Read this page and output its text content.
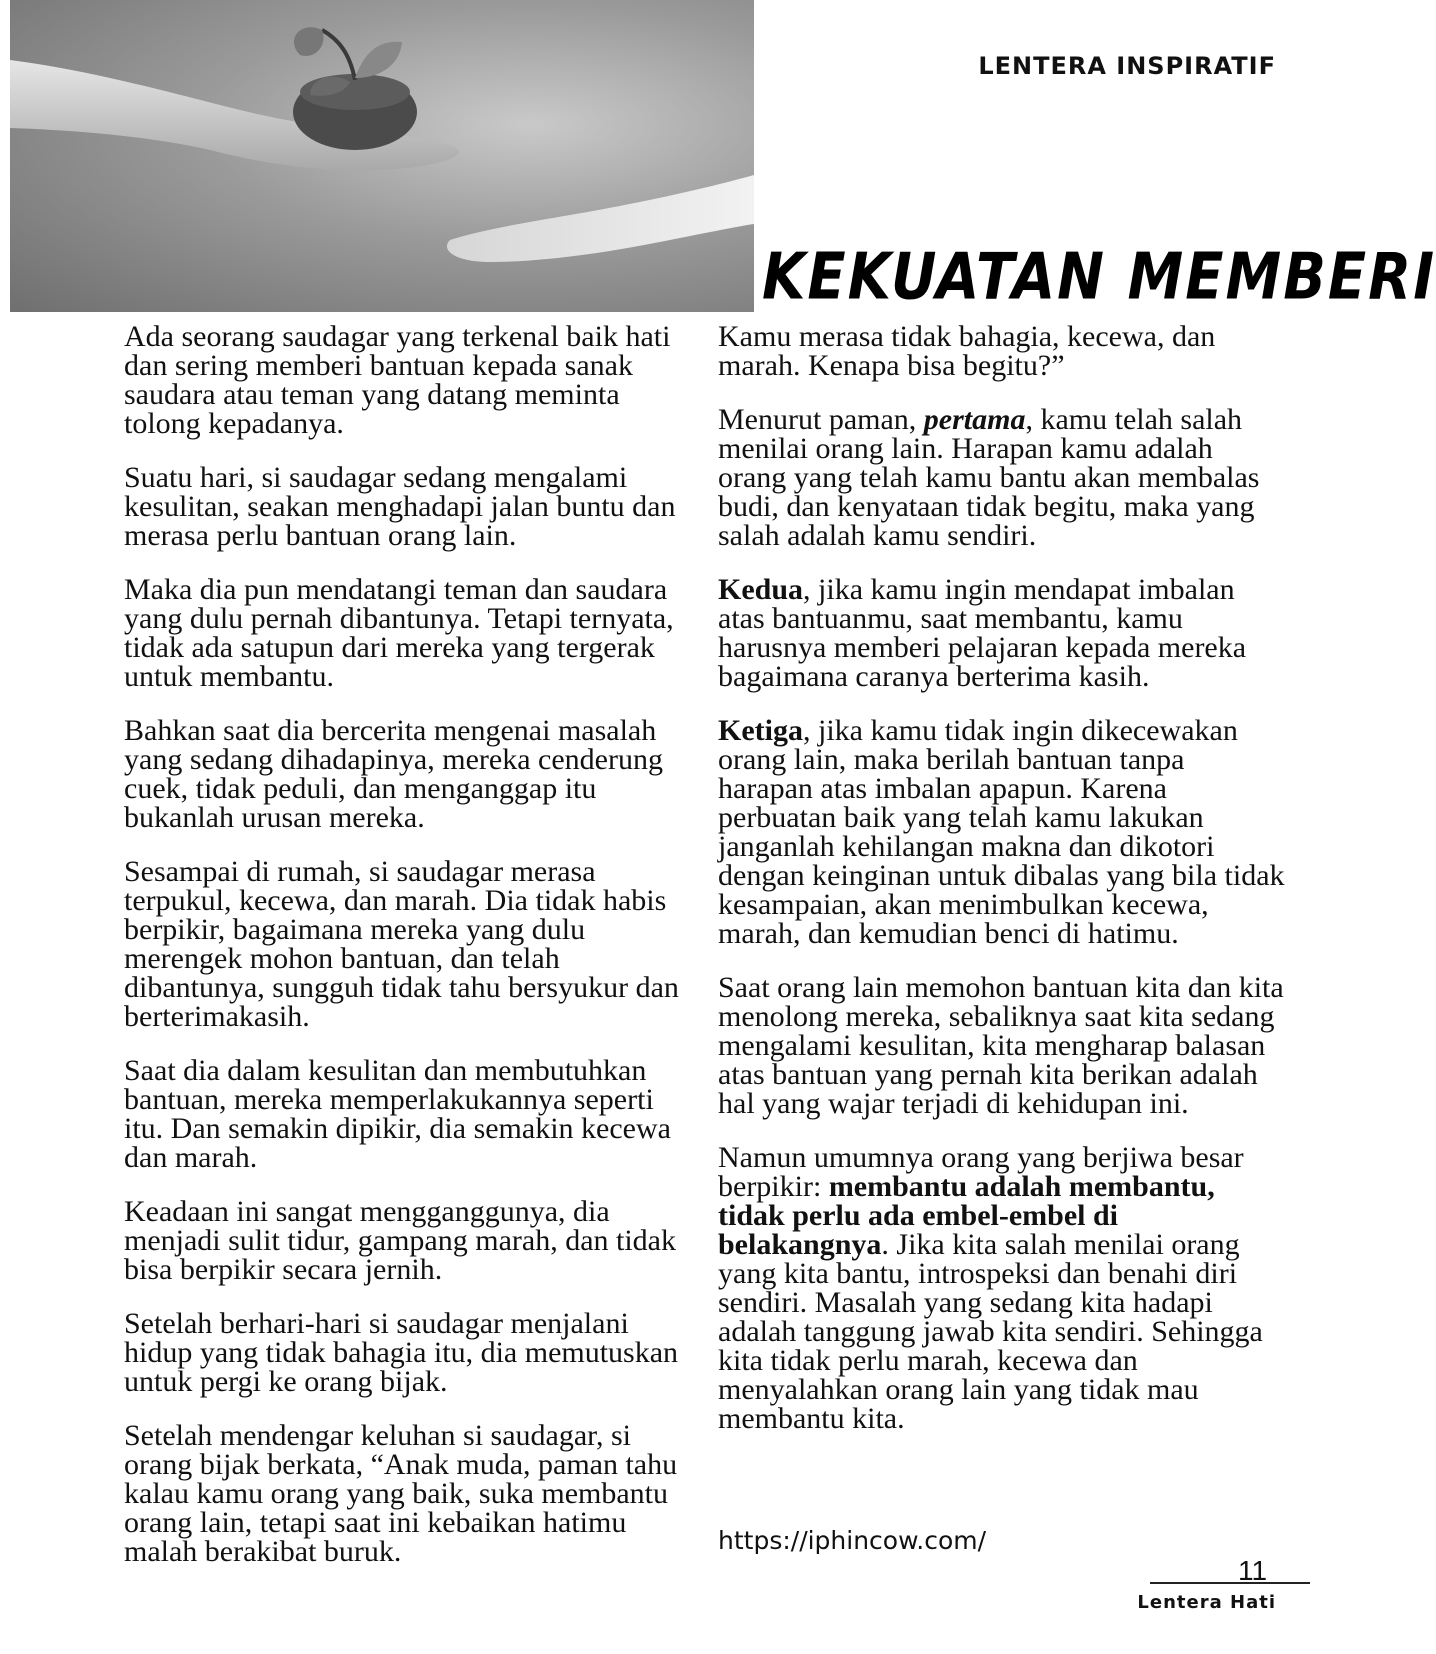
LENTERA INSPIRATIF
KEKUATAN MEMBERI

Ada seorang saudagar yang terkenal baik hati dan sering memberi bantuan kepada sanak saudara atau teman yang datang meminta tolong kepadanya.

Suatu hari, si saudagar sedang mengalami kesulitan, seakan menghadapi jalan buntu dan merasa perlu bantuan orang lain.

Maka dia pun mendatangi teman dan saudara yang dulu pernah dibantunya. Tetapi ternyata, tidak ada satupun dari mereka yang tergerak untuk membantu.

Bahkan saat dia bercerita mengenai masalah yang sedang dihadapinya, mereka cenderung cuek, tidak peduli, dan menganggap itu bukanlah urusan mereka.

Sesampai di rumah, si saudagar merasa terpukul, kecewa, dan marah. Dia tidak habis berpikir, bagaimana mereka yang dulu merengek mohon bantuan, dan telah dibantunya, sungguh tidak tahu bersyukur dan berterimakasih.

Saat dia dalam kesulitan dan membutuhkan bantuan, mereka memperlakukannya seperti itu. Dan semakin dipikir, dia semakin kecewa dan marah.

Keadaan ini sangat mengganggunya, dia menjadi sulit tidur, gampang marah, dan tidak bisa berpikir secara jernih.

Setelah berhari-hari si saudagar menjalani hidup yang tidak bahagia itu, dia memutuskan untuk pergi ke orang bijak.

Setelah mendengar keluhan si saudagar, si orang bijak berkata, “Anak muda, paman tahu kalau kamu orang yang baik, suka membantu orang lain, tetapi saat ini kebaikan hatimu malah berakibat buruk.

Kamu merasa tidak bahagia, kecewa, dan marah. Kenapa bisa begitu?”

Menurut paman, pertama, kamu telah salah menilai orang lain. Harapan kamu adalah orang yang telah kamu bantu akan membalas budi, dan kenyataan tidak begitu, maka yang salah adalah kamu sendiri.

Kedua, jika kamu ingin mendapat imbalan atas bantuanmu, saat membantu, kamu harusnya memberi pelajaran kepada mereka bagaimana caranya berterima kasih.

Ketiga, jika kamu tidak ingin dikecewakan orang lain, maka berilah bantuan tanpa harapan atas imbalan apapun. Karena perbuatan baik yang telah kamu lakukan janganlah kehilangan makna dan dikotori dengan keinginan untuk dibalas yang bila tidak kesampaian, akan menimbulkan kecewa, marah, dan kemudian benci di hatimu.

Saat orang lain memohon bantuan kita dan kita menolong mereka, sebaliknya saat kita sedang mengalami kesulitan, kita mengharap balasan atas bantuan yang pernah kita berikan adalah hal yang wajar terjadi di kehidupan ini.

Namun umumnya orang yang berjiwa besar berpikir: membantu adalah membantu, tidak perlu ada embel-embel di belakangnya. Jika kita salah menilai orang yang kita bantu, introspeksi dan benahi diri sendiri. Masalah yang sedang kita hadapi adalah tanggung jawab kita sendiri. Sehingga kita tidak perlu marah, kecewa dan menyalahkan orang lain yang tidak mau membantu kita.

https://iphincow.com/
11
Lentera Hati
